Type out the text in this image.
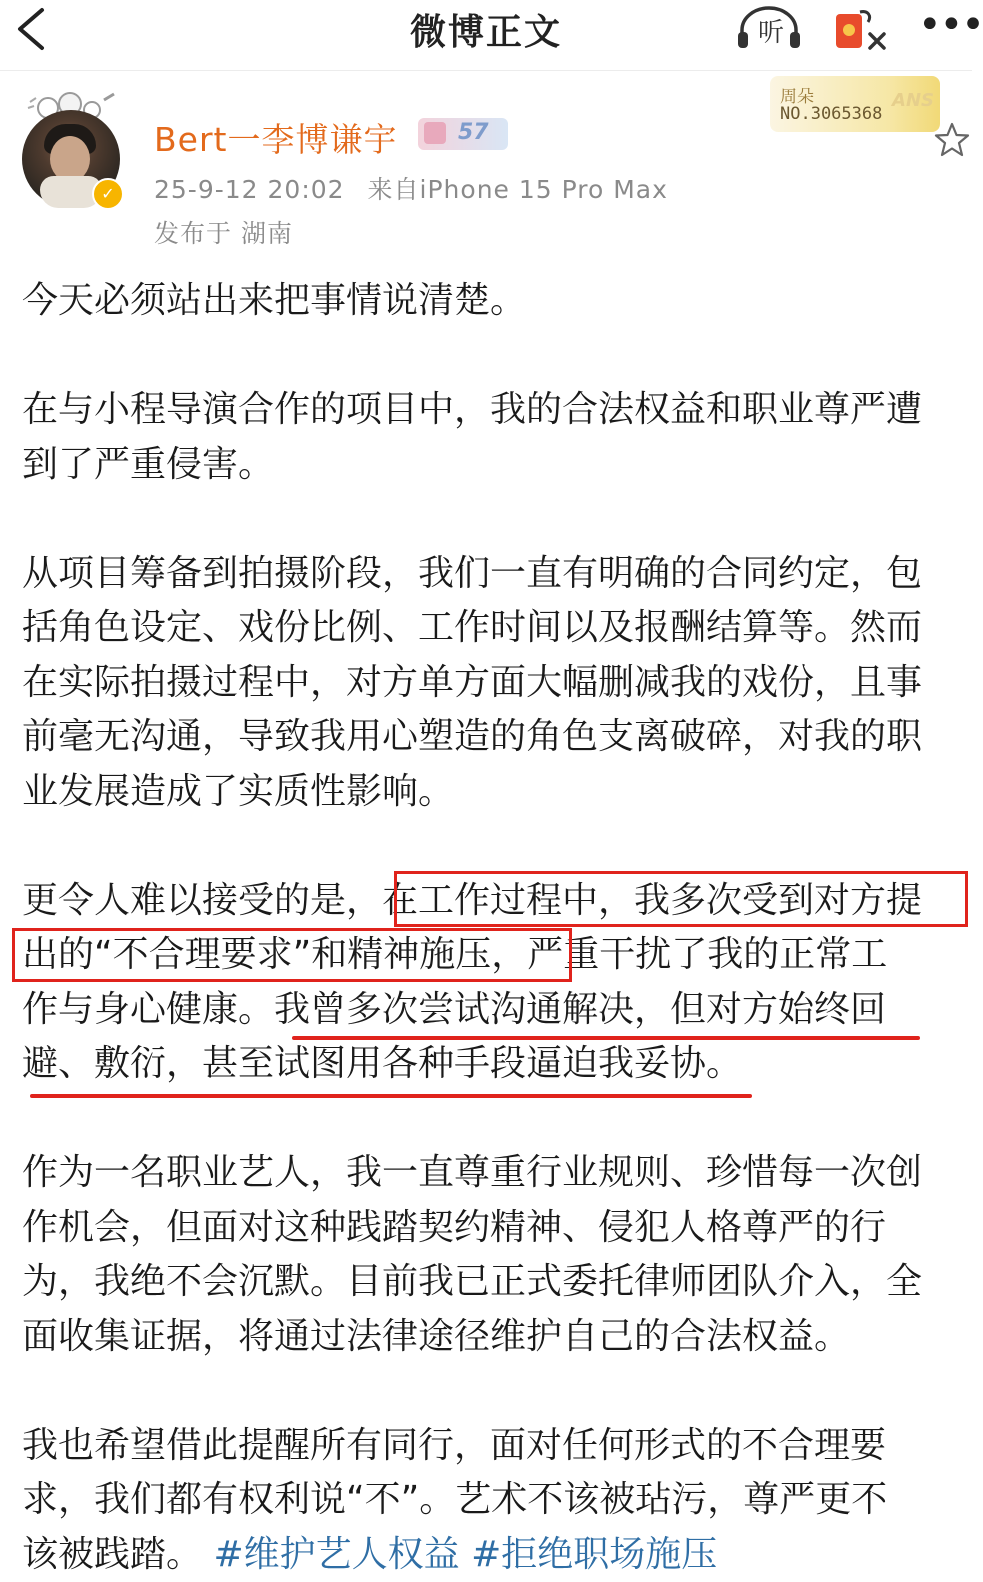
微博正文	听	•••
✓
Bert一李博谦宇	57
25-9-12 20:02 来自iPhone 15 Pro Max
发布于 湖南
周朵
NO.3065368
ANS

今天必须站出来把事情说清楚。

在与小程导演合作的项目中，我的合法权益和职业尊严遭

到了严重侵害。

从项目筹备到拍摄阶段，我们一直有明确的合同约定，包

括角色设定、戏份比例、工作时间以及报酬结算等。然而

在实际拍摄过程中，对方单方面大幅删减我的戏份，且事

前毫无沟通，导致我用心塑造的角色支离破碎，对我的职

业发展造成了实质性影响。

更令人难以接受的是，在工作过程中，我多次受到对方提

出的“不合理要求”和精神施压，严重干扰了我的正常工

作与身心健康。我曾多次尝试沟通解决，但对方始终回

避、敷衍，甚至试图用各种手段逼迫我妥协。

作为一名职业艺人，我一直尊重行业规则、珍惜每一次创

作机会，但面对这种践踏契约精神、侵犯人格尊严的行

为，我绝不会沉默。目前我已正式委托律师团队介入，全

面收集证据，将通过法律途径维护自己的合法权益。

我也希望借此提醒所有同行，面对任何形式的不合理要

求，我们都有权利说“不”。艺术不该被玷污，尊严更不

该被践踏。 #维护艺人权益 #拒绝职场施压
